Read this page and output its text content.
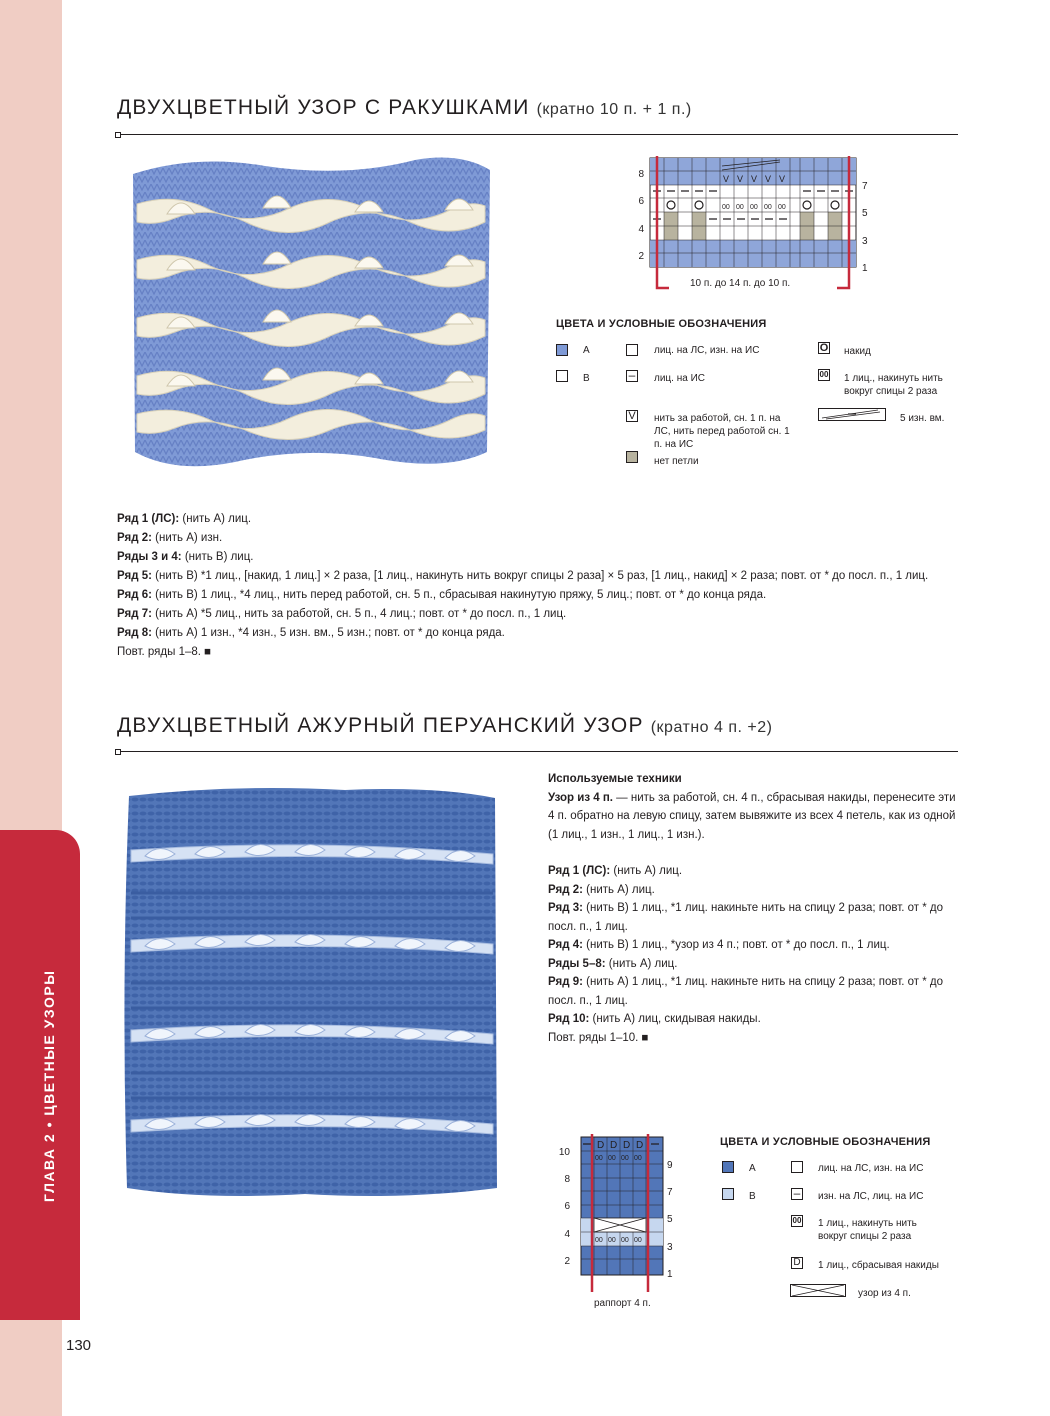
ГЛАВА 2 • ЦВЕТНЫЕ УЗОРЫ
130
ДВУХЦВЕТНЫЙ УЗОР С РАКУШКАМИ (кратно 10 п. + 1 п.)
V V V V V
00 00 00 00 00
8
6
4
2
7
5
3
1
10 п. до 14 п. до 10 п.
ЦВЕТА И УСЛОВНЫЕ ОБОЗНАЧЕНИЯ
A
B
лиц. на ЛС, изн. на ИС
– лиц. на ИС
V нить за работой, сн. 1 п. на ЛС, нить перед работой сн. 1 п. на ИС
нет петли
O накид
00 1 лиц., накинуть нить вокруг спицы 2 раза
5 изн. вм.

Ряд 1 (ЛС): (нить А) лиц.

Ряд 2: (нить А) изн.

Ряды 3 и 4: (нить В) лиц.

Ряд 5: (нить В) *1 лиц., [накид, 1 лиц.] × 2 раза, [1 лиц., накинуть нить вокруг спицы 2 раза] × 5 раз, [1 лиц., накид] × 2 раза; повт. от * до посл. п., 1 лиц.

Ряд 6: (нить В) 1 лиц., *4 лиц., нить перед работой, сн. 5 п., сбрасывая накинутую пряжу, 5 лиц.; повт. от * до конца ряда.

Ряд 7: (нить А) *5 лиц., нить за работой, сн. 5 п., 4 лиц.; повт. от * до посл. п., 1 лиц.

Ряд 8: (нить А) 1 изн., *4 изн., 5 изн. вм., 5 изн.; повт. от * до конца ряда.

Повт. ряды 1–8. ■

ДВУХЦВЕТНЫЙ АЖУРНЫЙ ПЕРУАНСКИЙ УЗОР (кратно 4 п. +2)

Используемые техники

Узор из 4 п. — нить за работой, сн. 4 п., сбрасывая накиды, перенесите эти 4 п. обратно на левую спицу, затем вывяжите из всех 4 петель, как из одной (1 лиц., 1 изн., 1 лиц., 1 изн.).

Ряд 1 (ЛС): (нить А) лиц.

Ряд 2: (нить А) лиц.

Ряд 3: (нить В) 1 лиц., *1 лиц. накиньте нить на спицу 2 раза; повт. от * до посл. п., 1 лиц.

Ряд 4: (нить В) 1 лиц., *узор из 4 п.; повт. от * до посл. п., 1 лиц.

Ряды 5–8: (нить А) лиц.

Ряд 9: (нить А) 1 лиц., *1 лиц. накиньте нить на спицу 2 раза; повт. от * до посл. п., 1 лиц.

Ряд 10: (нить А) лиц, скидывая накиды.

Повт. ряды 1–10. ■

D D D D
00 00 00 00
00 00 00 00
10
8
6
4
2
9
7
5
3
1
раппорт 4 п.
ЦВЕТА И УСЛОВНЫЕ ОБОЗНАЧЕНИЯ
A
B
лиц. на ЛС, изн. на ИС
– изн. на ЛС, лиц. на ИС
00 1 лиц., накинуть нить вокруг спицы 2 раза
D 1 лиц., сбрасывая накиды
узор из 4 п.
